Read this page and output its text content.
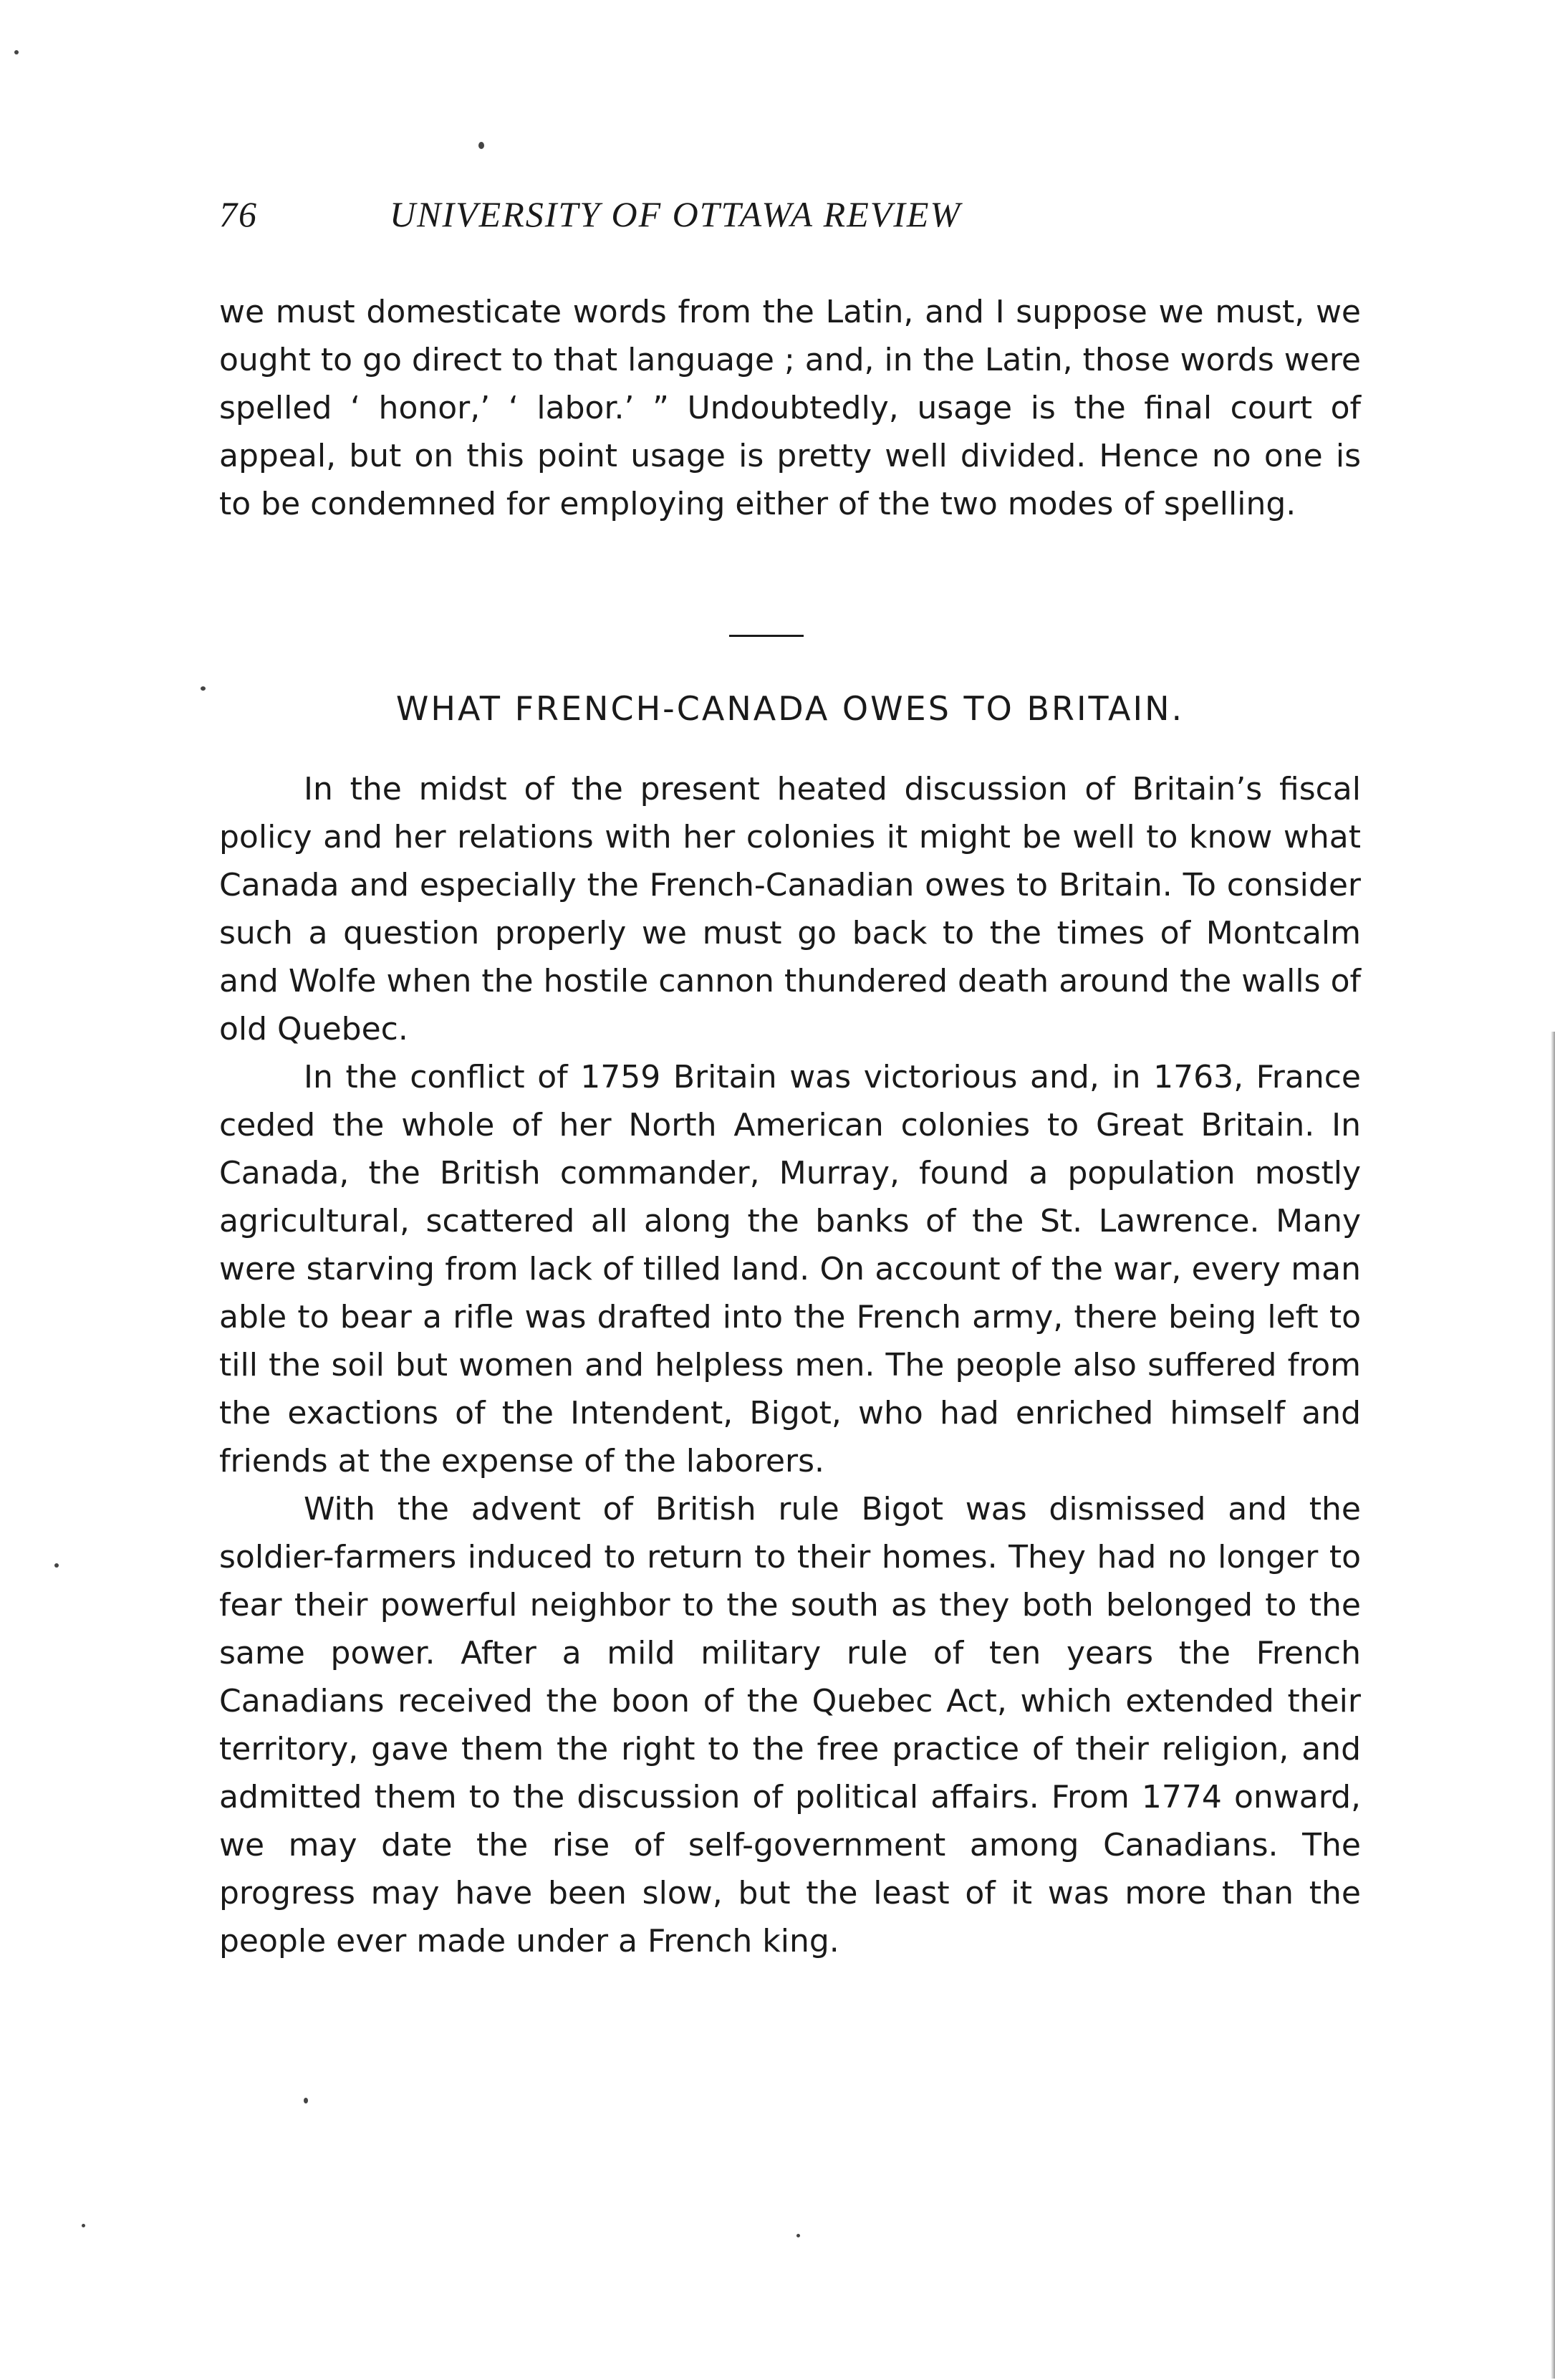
76	UNIVERSITY OF OTTAWA REVIEW

we must domesticate words from the Latin, and I suppose we must, we ought to go direct to that language ; and, in the Latin, those words were spelled ‘ honor,’ ‘ labor.’ ” Undoubtedly, usage is the final court of appeal, but on this point usage is pretty well divided. Hence no one is to be condemned for employing either of the two modes of spelling.

WHAT FRENCH-CANADA OWES TO BRITAIN.

In the midst of the present heated discussion of Britain’s fiscal policy and her relations with her colonies it might be well to know what Canada and especially the French-Canadian owes to Britain. To consider such a question properly we must go back to the times of Montcalm and Wolfe when the hostile cannon thundered death around the walls of old Quebec.

In the conflict of 1759 Britain was victorious and, in 1763, France ceded the whole of her North American colonies to Great Britain. In Canada, the British commander, Murray, found a population mostly agricultural, scattered all along the banks of the St. Lawrence. Many were starving from lack of tilled land. On account of the war, every man able to bear a rifle was drafted into the French army, there being left to till the soil but women and helpless men. The people also suffered from the exactions of the Intendent, Bigot, who had enriched himself and friends at the expense of the laborers.

With the advent of British rule Bigot was dismissed and the soldier-farmers induced to return to their homes. They had no longer to fear their powerful neighbor to the south as they both belonged to the same power. After a mild military rule of ten years the French Canadians received the boon of the Quebec Act, which extended their territory, gave them the right to the free practice of their religion, and admitted them to the discussion of political affairs. From 1774 onward, we may date the rise of self-government among Canadians. The progress may have been slow, but the least of it was more than the people ever made under a French king.
